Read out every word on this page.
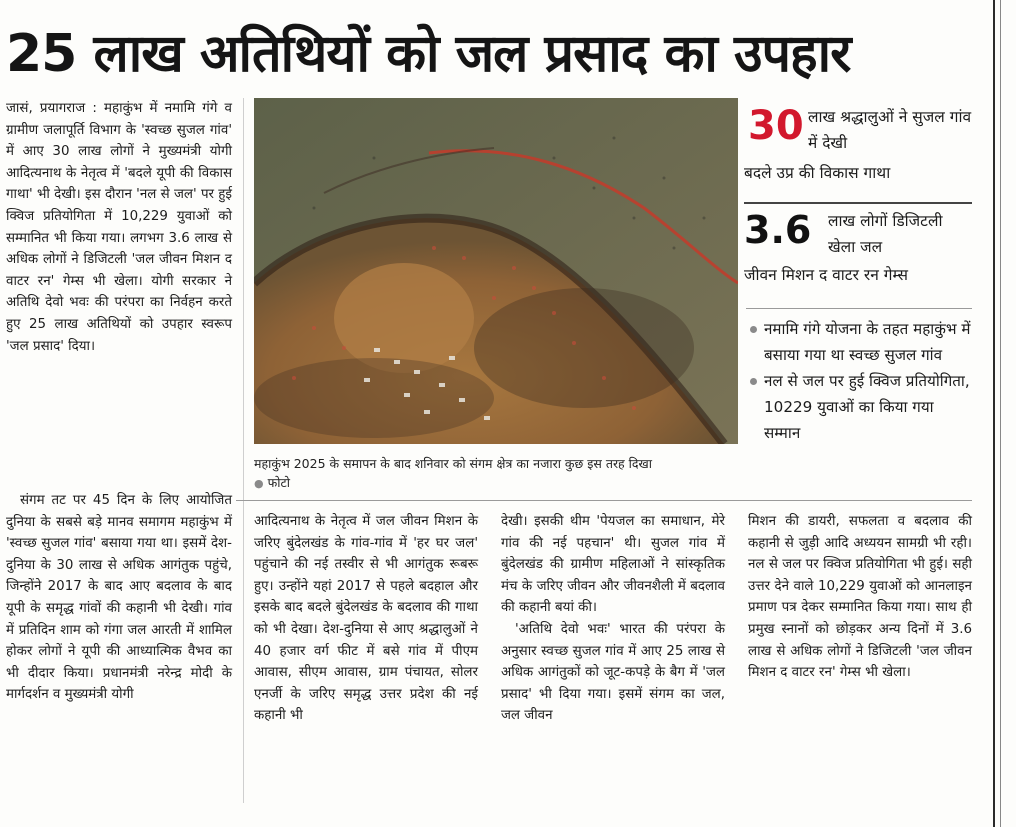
25 लाख अतिथियों को जल प्रसाद का उपहार

जासं, प्रयागराज : महाकुंभ में नमामि गंगे व ग्रामीण जलापूर्ति विभाग के 'स्वच्छ सुजल गांव' में आए 30 लाख लोगों ने मुख्यमंत्री योगी आदित्यनाथ के नेतृत्व में 'बदले यूपी की विकास गाथा' भी देखी। इस दौरान 'नल से जल' पर हुई क्विज प्रतियोगिता में 10,229 युवाओं को सम्मानित भी किया गया। लगभग 3.6 लाख से अधिक लोगों ने डिजिटली 'जल जीवन मिशन द वाटर रन' गेम्स भी खेला। योगी सरकार ने अतिथि देवो भवः की परंपरा का निर्वहन करते हुए 25 लाख अतिथियों को उपहार स्वरूप 'जल प्रसाद' दिया।

महाकुंभ 2025 के समापन के बाद शनिवार को संगम क्षेत्र का नजारा कुछ इस तरह दिखा
● फोटो
30 लाख श्रद्धालुओं ने सुजल गांव में देखी
बदले उप्र की विकास गाथा
3.6 लाख लोगों डिजिटली खेला जल
जीवन मिशन द वाटर रन गेम्स
नमामि गंगे योजना के तहत महाकुंभ में बसाया गया था स्वच्छ सुजल गांव
नल से जल पर हुई क्विज प्रतियोगिता, 10229 युवाओं का किया गया सम्मान

संगम तट पर 45 दिन के लिए आयोजित दुनिया के सबसे बड़े मानव समागम महाकुंभ में 'स्वच्छ सुजल गांव' बसाया गया था। इसमें देश-दुनिया के 30 लाख से अधिक आगंतुक पहुंचे, जिन्होंने 2017 के बाद आए बदलाव के बाद यूपी के समृद्ध गांवों की कहानी भी देखी। गांव में प्रतिदिन शाम को गंगा जल आरती में शामिल होकर लोगों ने यूपी की आध्यात्मिक वैभव का भी दीदार किया। प्रधानमंत्री नरेन्द्र मोदी के मार्गदर्शन व मुख्यमंत्री योगी

आदित्यनाथ के नेतृत्व में जल जीवन मिशन के जरिए बुंदेलखंड के गांव-गांव में 'हर घर जल' पहुंचाने की नई तस्वीर से भी आगंतुक रूबरू हुए। उन्होंने यहां 2017 से पहले बदहाल और इसके बाद बदले बुंदेलखंड के बदलाव की गाथा को भी देखा। देश-दुनिया से आए श्रद्धालुओं ने 40 हजार वर्ग फीट में बसे गांव में पीएम आवास, सीएम आवास, ग्राम पंचायत, सोलर एनर्जी के जरिए समृद्ध उत्तर प्रदेश की नई कहानी भी

देखी। इसकी थीम 'पेयजल का समाधान, मेरे गांव की नई पहचान' थी। सुजल गांव में बुंदेलखंड की ग्रामीण महिलाओं ने सांस्कृतिक मंच के जरिए जीवन और जीवनशैली में बदलाव की कहानी बयां की।

'अतिथि देवो भवः' भारत की परंपरा के अनुसार स्वच्छ सुजल गांव में आए 25 लाख से अधिक आगंतुकों को जूट-कपड़े के बैग में 'जल प्रसाद' भी दिया गया। इसमें संगम का जल, जल जीवन

मिशन की डायरी, सफलता व बदलाव की कहानी से जुड़ी आदि अध्ययन सामग्री भी रही। नल से जल पर क्विज प्रतियोगिता भी हुई। सही उत्तर देने वाले 10,229 युवाओं को आनलाइन प्रमाण पत्र देकर सम्मानित किया गया। साथ ही प्रमुख स्नानों को छोड़कर अन्य दिनों में 3.6 लाख से अधिक लोगों ने डिजिटली 'जल जीवन मिशन द वाटर रन' गेम्स भी खेला।
